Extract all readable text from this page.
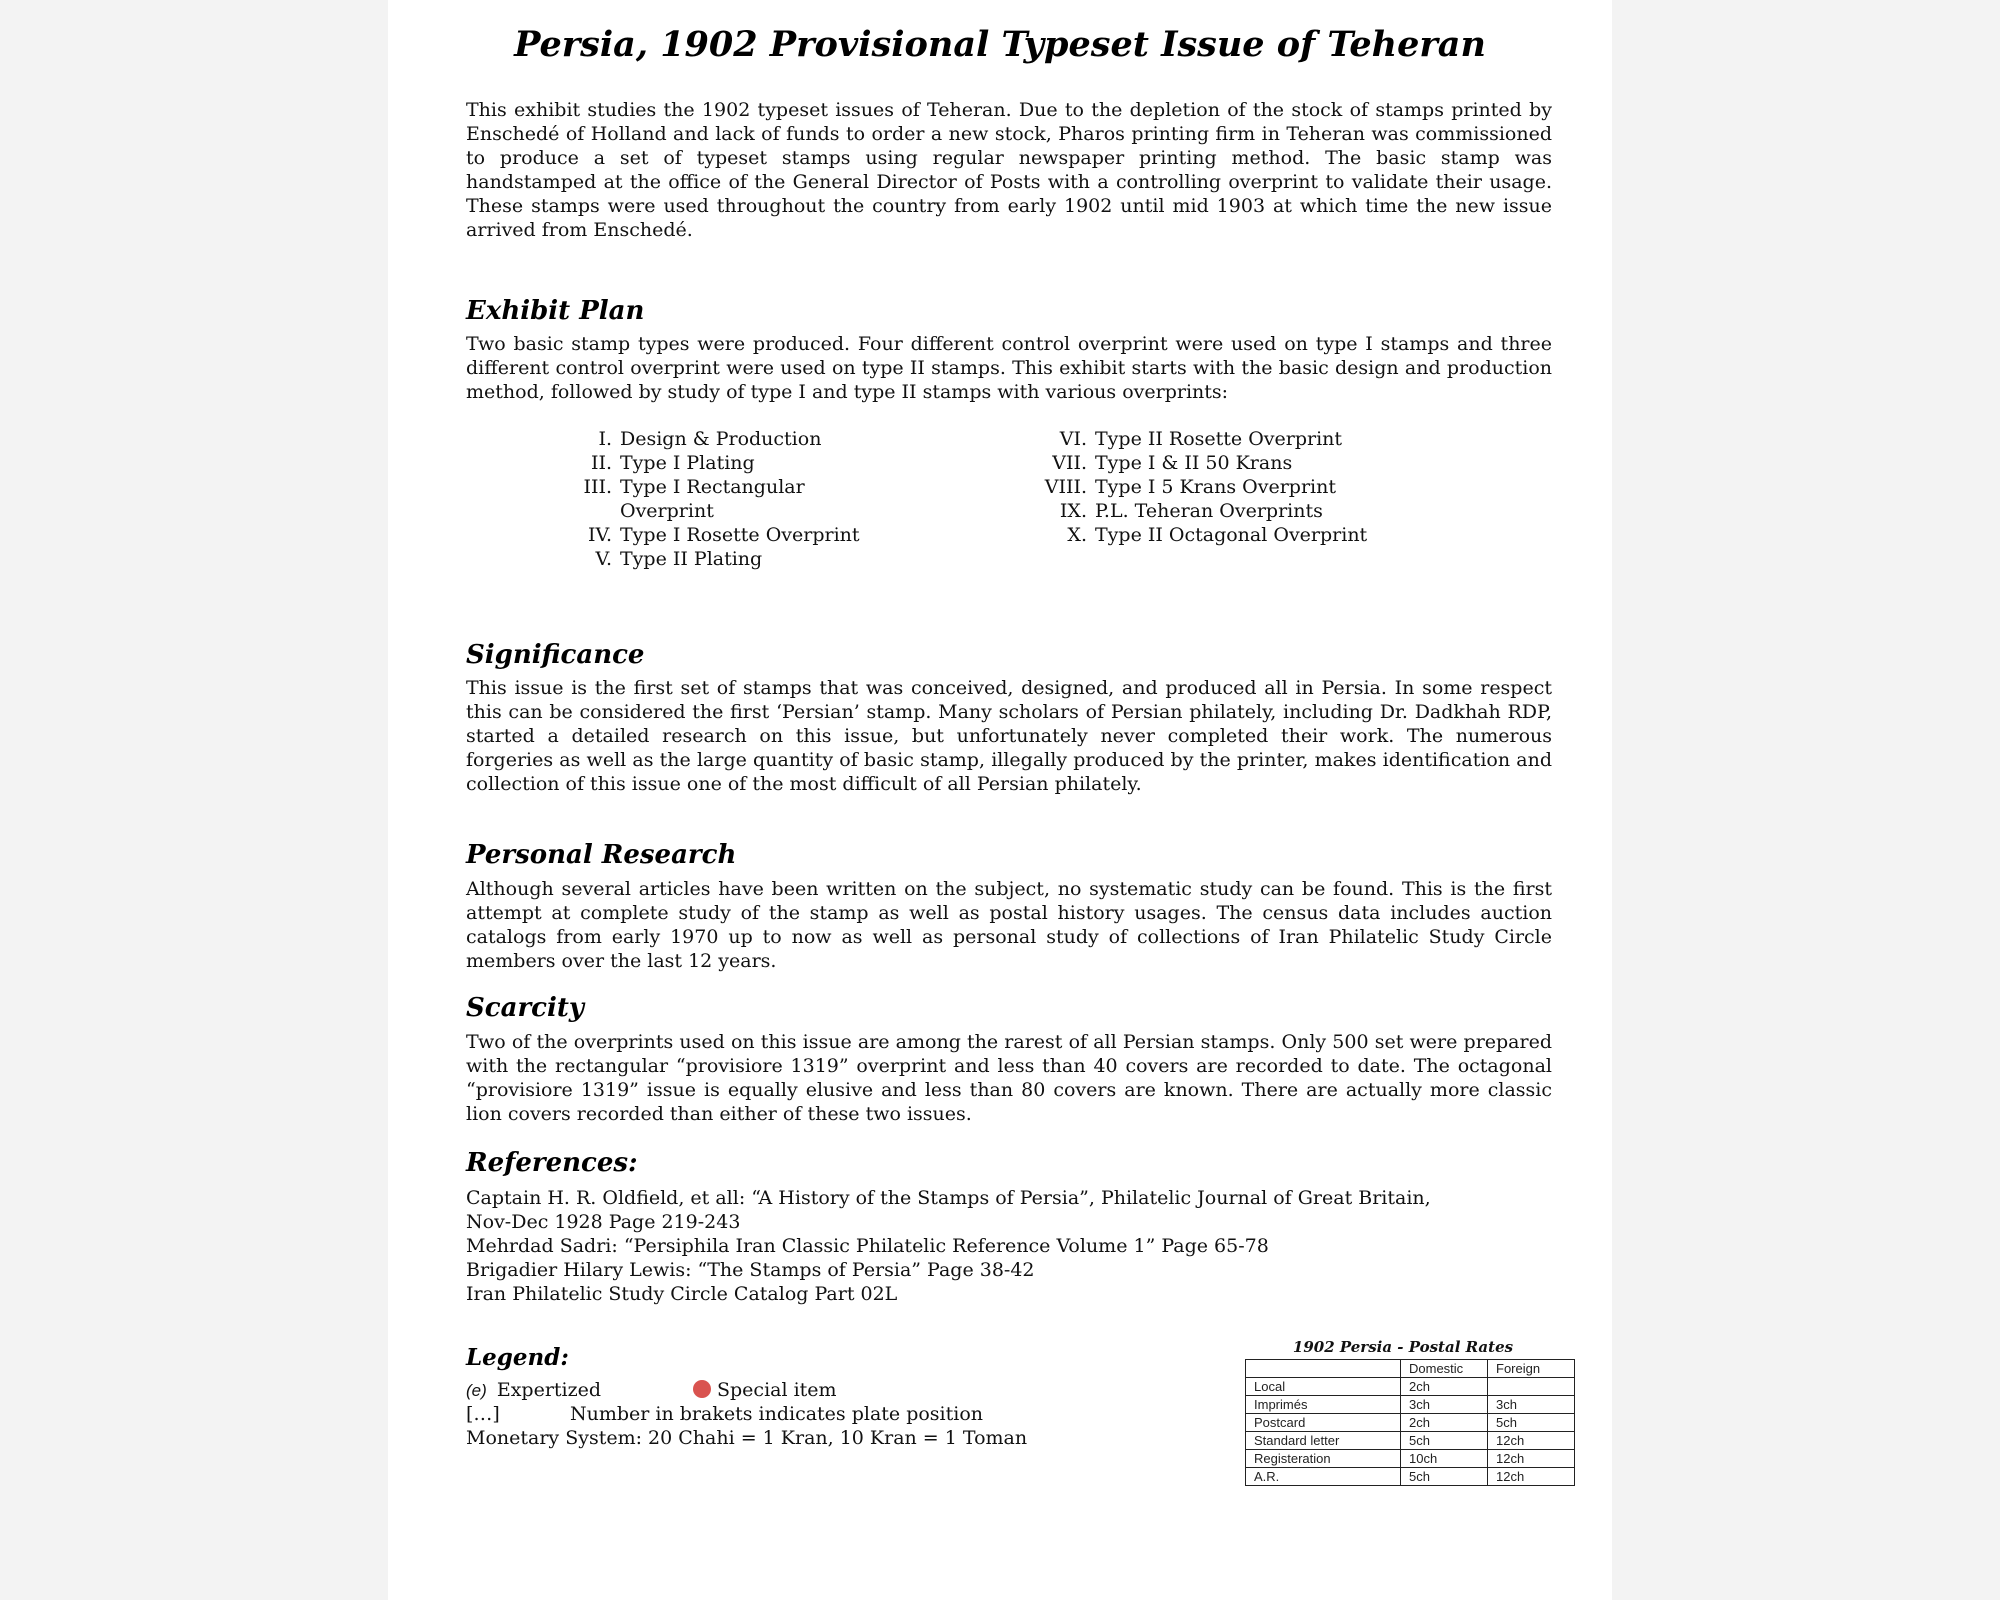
Persia, 1902 Provisional Typeset Issue of Teheran
This exhibit studies the 1902 typeset issues of Teheran. Due to the depletion of the stock of stamps printed by Enschedé of Holland and lack of funds to order a new stock, Pharos printing firm in Teheran was commissioned to produce a set of typeset stamps using regular newspaper printing method. The basic stamp was handstamped at the office of the General Director of Posts with a controlling overprint to validate their usage. These stamps were used throughout the country from early 1902 until mid 1903 at which time the new issue arrived from Enschedé.
Exhibit Plan
Two basic stamp types were produced. Four different control overprint were used on type I stamps and three different control overprint were used on type II stamps. This exhibit starts with the basic design and production method, followed by study of type I and type II stamps with various overprints:
I. Design & Production
II. Type I Plating
III. Type I Rectangular Overprint
IV. Type I Rosette Overprint
V. Type II Plating
VI. Type II Rosette Overprint
VII. Type I & II 50 Krans
VIII. Type I 5 Krans Overprint
IX. P.L. Teheran Overprints
X. Type II Octagonal Overprint
Significance
This issue is the first set of stamps that was conceived, designed, and produced all in Persia. In some respect this can be considered the first ‘Persian’ stamp. Many scholars of Persian philately, including Dr. Dadkhah RDP, started a detailed research on this issue, but unfortunately never completed their work. The numerous forgeries as well as the large quantity of basic stamp, illegally produced by the printer, makes identification and collection of this issue one of the most difficult of all Persian philately.
Personal Research
Although several articles have been written on the subject, no systematic study can be found. This is the first attempt at complete study of the stamp as well as postal history usages. The census data includes auction catalogs from early 1970 up to now as well as personal study of collections of Iran Philatelic Study Circle members over the last 12 years.
Scarcity
Two of the overprints used on this issue are among the rarest of all Persian stamps. Only 500 set were prepared with the rectangular “provisiore 1319” overprint and less than 40 covers are recorded to date. The octagonal “provisiore 1319” issue is equally elusive and less than 80 covers are known. There are actually more classic lion covers recorded than either of these two issues.
References:
Captain H. R. Oldfield, et all: “A History of the Stamps of Persia”, Philatelic Journal of Great Britain,
Nov-Dec 1928 Page 219-243
Mehrdad Sadri: “Persiphila Iran Classic Philatelic Reference Volume 1” Page 65-78
Brigadier Hilary Lewis: “The Stamps of Persia” Page 38-42
Iran Philatelic Study Circle Catalog Part 02L
Legend:
(e) Expertized	Special item
[…]	Number in brakets indicates plate position
Monetary System: 20 Chahi = 1 Kran, 10 Kran = 1 Toman
1902 Persia - Postal Rates
	Domestic	Foreign
Local	2ch	
Imprimés	3ch	3ch
Postcard	2ch	5ch
Standard letter	5ch	12ch
Registeration	10ch	12ch
A.R.	5ch	12ch
